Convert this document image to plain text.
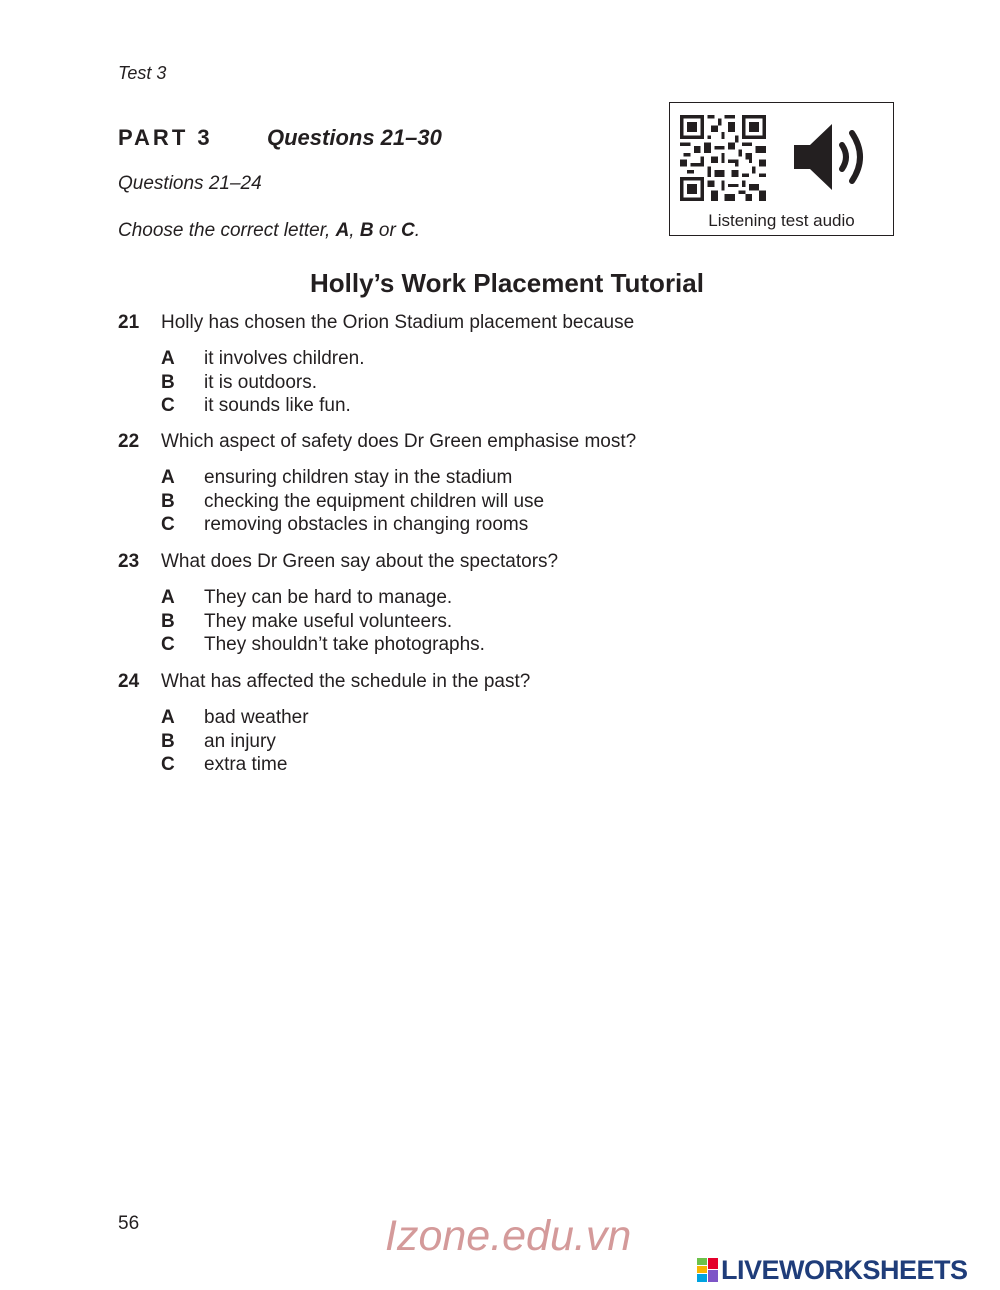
Test 3
PART 3 Questions 21–30
Questions 21–24
Choose the correct letter, A, B or C.	Listening test audio
Holly’s Work Placement Tutorial
21 Holly has chosen the Orion Stadium placement because
A it involves children.
B it is outdoors.
C it sounds like fun.
22 Which aspect of safety does Dr Green emphasise most?
A ensuring children stay in the stadium
B checking the equipment children will use
C removing obstacles in changing rooms
23 What does Dr Green say about the spectators?
A They can be hard to manage.
B They make useful volunteers.
C They shouldn’t take photographs.
24 What has affected the schedule in the past?
A bad weather
B an injury
C extra time
56	Izone.edu.vn
LIVEWORKSHEETS
